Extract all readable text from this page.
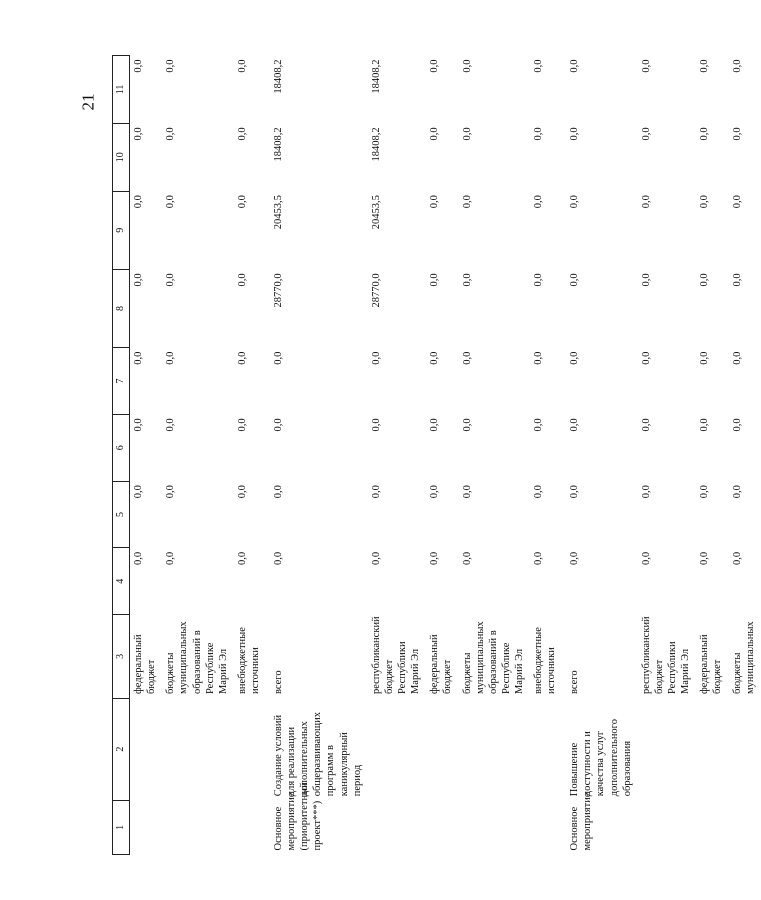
21
1	2	3	4	5	6	7	8	9	10	11
		федеральный бюджет	0,0	0,0	0,0	0,0	0,0	0,0	0,0	0,0
		бюджеты муниципальных образований в Республике Марий Эл	0,0	0,0	0,0	0,0	0,0	0,0	0,0	0,0
		внебюджетные источники	0,0	0,0	0,0	0,0	0,0	0,0	0,0	0,0
Основное мероприятие (приоритетный проект***)	Создание условий для реализации дополнительных общеразвивающих программ в каникулярный период	всего	0,0	0,0	0,0	0,0	28770,0	20453,5	18408,2	18408,2
		республиканский бюджет Республики Марий Эл	0,0	0,0	0,0	0,0	28770,0	20453,5	18408,2	18408,2
		федеральный бюджет	0,0	0,0	0,0	0,0	0,0	0,0	0,0	0,0
		бюджеты муниципальных образований в Республике Марий Эл	0,0	0,0	0,0	0,0	0,0	0,0	0,0	0,0
		внебюджетные источники	0,0	0,0	0,0	0,0	0,0	0,0	0,0	0,0
Основное мероприятие	Повышение доступности и качества услуг дополнительного образования	всего	0,0	0,0	0,0	0,0	0,0	0,0	0,0	0,0
		республиканский бюджет Республики Марий Эл	0,0	0,0	0,0	0,0	0,0	0,0	0,0	0,0
		федеральный бюджет	0,0	0,0	0,0	0,0	0,0	0,0	0,0	0,0
		бюджеты муниципальных	0,0	0,0	0,0	0,0	0,0	0,0	0,0	0,0
